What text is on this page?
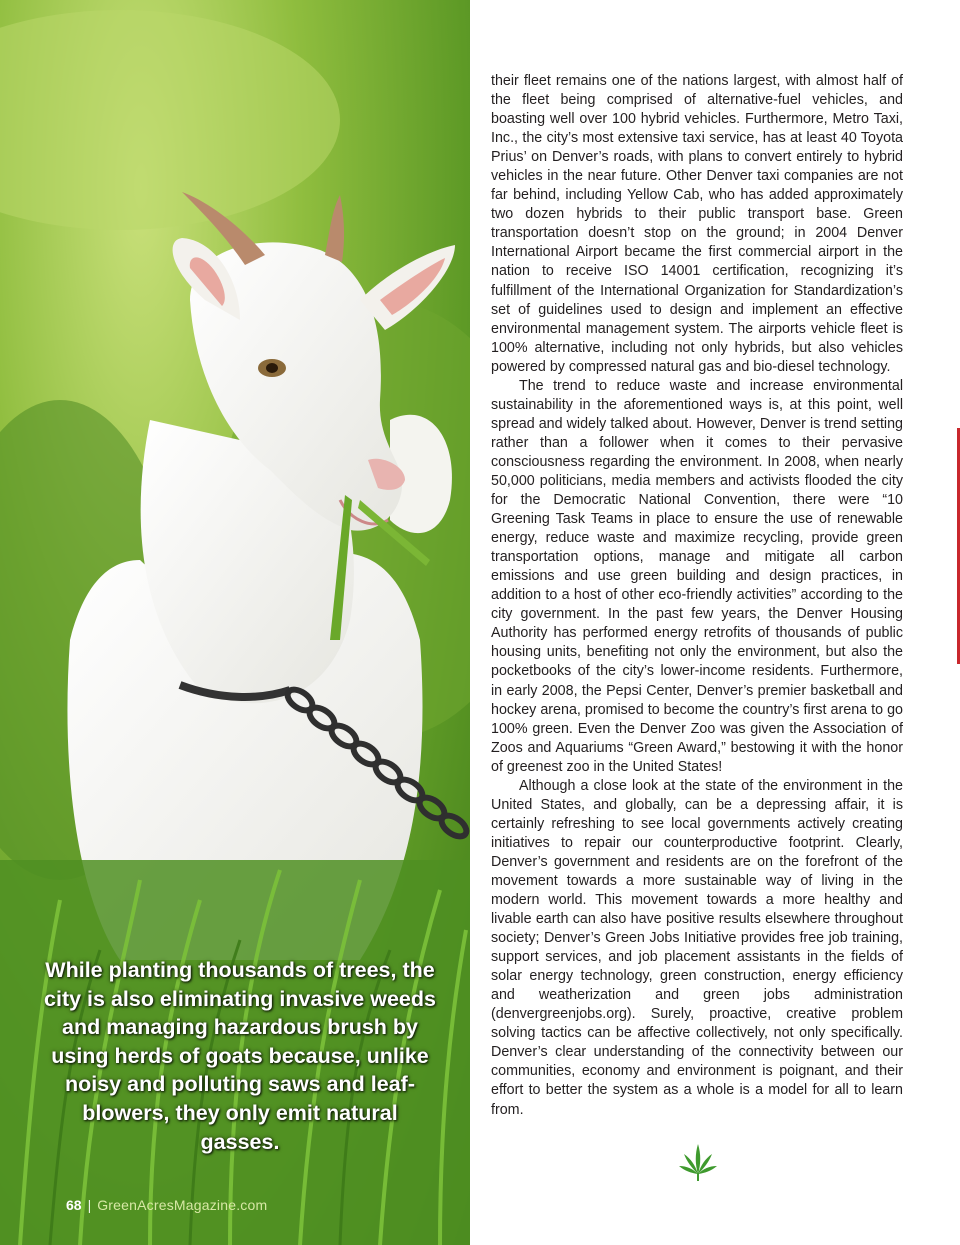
While planting thousands of trees, the city is also eliminating invasive weeds and managing hazardous brush by using herds of goats because, unlike noisy and polluting saws and leaf-blowers, they only emit natural gasses.

68 | GreenAcresMagazine.com

their fleet remains one of the nations largest, with almost half of the fleet being comprised of alternative-fuel vehicles, and boasting well over 100 hybrid vehicles. Furthermore, Metro Taxi, Inc., the city’s most extensive taxi service, has at least 40 Toyota Prius’ on Denver’s roads, with plans to convert entirely to hybrid vehicles in the near future. Other Denver taxi companies are not far behind, including Yellow Cab, who has added approximately two dozen hybrids to their public transport base. Green transportation doesn’t stop on the ground; in 2004 Denver International Airport became the first commercial airport in the nation to receive ISO 14001 certification, recognizing it’s fulfillment of the International Organization for Standardization’s set of guidelines used to design and implement an effective environmental management system. The airports vehicle fleet is 100% alternative, including not only hybrids, but also vehicles powered by compressed natural gas and bio-diesel technology.

The trend to reduce waste and increase environmental sustainability in the aforementioned ways is, at this point, well spread and widely talked about. However, Denver is trend setting rather than a follower when it comes to their pervasive consciousness regarding the environment. In 2008, when nearly 50,000 politicians, media members and activists flooded the city for the Democratic National Convention, there were “10 Greening Task Teams in place to ensure the use of renewable energy, reduce waste and maximize recycling, provide green transportation options, manage and mitigate all carbon emissions and use green building and design practices, in addition to a host of other eco-friendly activities” according to the city government. In the past few years, the Denver Housing Authority has performed energy retrofits of thousands of public housing units, benefiting not only the environment, but also the pocketbooks of the city’s lower-income residents. Furthermore, in early 2008, the Pepsi Center, Denver’s premier basketball and hockey arena, promised to become the country’s first arena to go 100% green. Even the Denver Zoo was given the Association of Zoos and Aquariums “Green Award,” bestowing it with the honor of greenest zoo in the United States!

Although a close look at the state of the environment in the United States, and globally, can be a depressing affair, it is certainly refreshing to see local governments actively creating initiatives to repair our counterproductive footprint. Clearly, Denver’s government and residents are on the forefront of the movement towards a more sustainable way of living in the modern world. This movement towards a more healthy and livable earth can also have positive results elsewhere throughout society; Denver’s Green Jobs Initiative provides free job training, support services, and job placement assistants in the fields of solar energy technology, green construction, energy efficiency and weatherization and green jobs administration (denvergreenjobs.org). Surely, proactive, creative problem solving tactics can be affective collectively, not only specifically. Denver’s clear understanding of the connectivity between our communities, economy and environment is poignant, and their effort to better the system as a whole is a model for all to learn from.
